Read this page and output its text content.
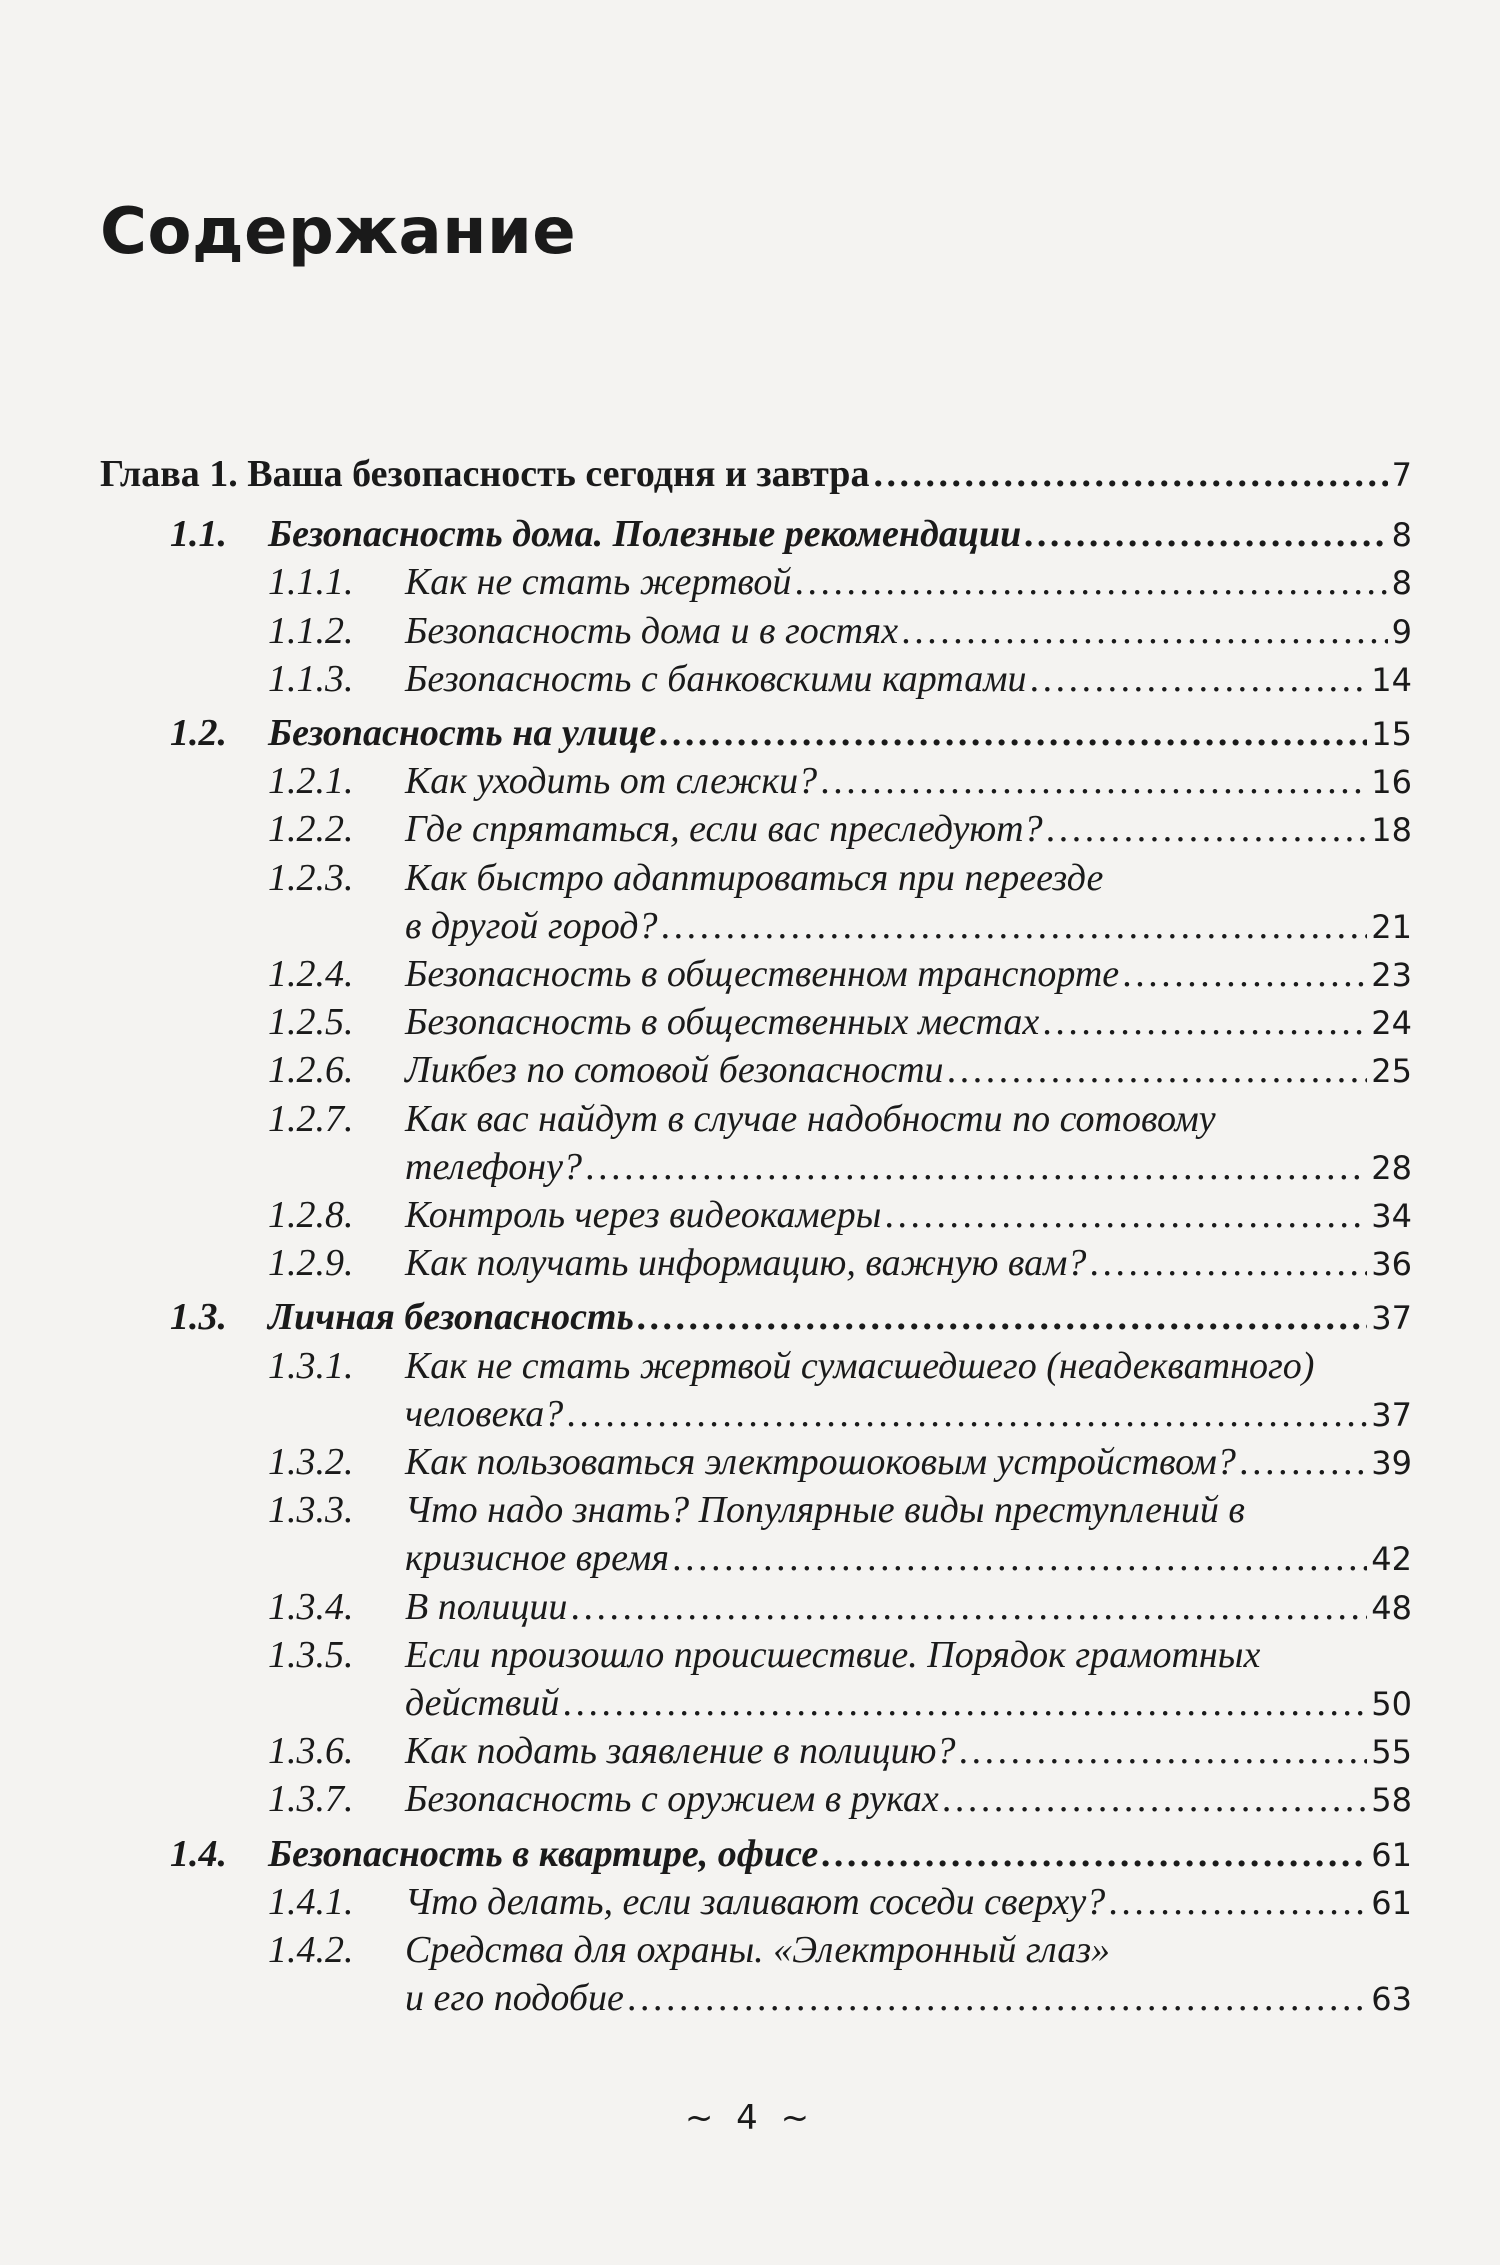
Содержание
Глава 1. Ваша безопасность сегодня и завтра . . .	7
1.1. Безопасность дома. Полезные рекомендации . . .	8
1.1.1. Как не стать жертвой . . .	8
1.1.2. Безопасность дома и в гостях . . .	9
1.1.3. Безопасность с банковскими картами . . .	14
1.2. Безопасность на улице . . .	15
1.2.1. Как уходить от слежки? . . .	16
1.2.2. Где спрятаться, если вас преследуют? . . .	18
1.2.3. Как быстро адаптироваться при переезде
в другой город? . . .	21
1.2.4. Безопасность в общественном транспорте . . .	23
1.2.5. Безопасность в общественных местах . . .	24
1.2.6. Ликбез по сотовой безопасности . . .	25
1.2.7. Как вас найдут в случае надобности по сотовому
телефону? . . .	28
1.2.8. Контроль через видеокамеры . . .	34
1.2.9. Как получать информацию, важную вам? . . .	36
1.3. Личная безопасность . . .	37
1.3.1. Как не стать жертвой сумасшедшего (неадекватного)
человека? . . .	37
1.3.2. Как пользоваться электрошоковым устройством? . . .	39
1.3.3. Что надо знать? Популярные виды преступлений в
кризисное время . . .	42
1.3.4. В полиции . . .	48
1.3.5. Если произошло происшествие. Порядок грамотных
действий . . .	50
1.3.6. Как подать заявление в полицию? . . .	55
1.3.7. Безопасность с оружием в руках . . .	58
1.4. Безопасность в квартире, офисе . . .	61
1.4.1. Что делать, если заливают соседи сверху? . . .	61
1.4.2. Средства для охраны. «Электронный глаз»
и его подобие . . .	63
~ 4 ~
